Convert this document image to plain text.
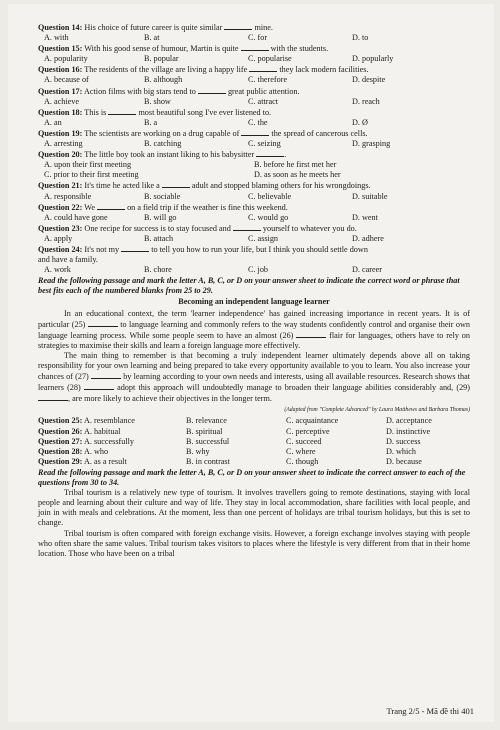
Question 14: His choice of future career is quite similar	mine.
A. with	B. at	C. for	D. to
Question 15: With his good sense of humour, Martin is quite	with the students.
A. popularity	B. popular	C. popularise	D. popularly
Question 16: The residents of the village are living a happy life	they lack modern facilities.
A. because of	B. although	C. therefore	D. despite
Question 17: Action films with big stars tend to	great public attention.
A. achieve	B. show	C. attract	D. reach
Question 18: This is	most beautiful song I've ever listened to.
A. an	B. a	C. the	D. Ø
Question 19: The scientists are working on a drug capable of	the spread of cancerous cells.
A. arresting	B. catching	C. seizing	D. grasping
Question 20: The little boy took an instant liking to his babysitter	.
A. upon their first meeting	B. before he first met her
C. prior to their first meeting	D. as soon as he meets her
Question 21: It's time he acted like a	adult and stopped blaming others for his wrongdoings.
A. responsible	B. sociable	C. believable	D. suitable
Question 22: We	on a field trip if the weather is fine this weekend.
A. could have gone	B. will go	C. would go	D. went
Question 23: One recipe for success is to stay focused and	yourself to whatever you do.
A. apply	B. attach	C. assign	D. adhere
Question 24: It's not my	to tell you how to run your life, but I think you should settle down
and have a family.
A. work	B. chore	C. job	D. career
Read the following passage and mark the letter A, B, C, or D on your answer sheet to indicate the correct word or phrase that best fits each of the numbered blanks from 25 to 29.
Becoming an independent language learner

In an educational context, the term 'learner independence' has gained increasing importance in recent years. It is of particular (25)	to language learning and commonly refers to the way students confidently control and organise their own language learning process. While some people seem to have an almost (26)	flair for languages, others have to rely on strategies to maximise their skills and learn a foreign language more effectively.

The main thing to remember is that becoming a truly independent learner ultimately depends above all on taking responsibility for your own learning and being prepared to take every opportunity available to you to learn. You also increase your chances of (27)	by learning according to your own needs and interests, using all available resources. Research shows that learners (28)	adopt this approach will undoubtedly manage to broaden their language abilities considerably and, (29) , are more likely to achieve their objectives in the longer term.

(Adapted from "Complete Advanced" by Laura Matthews and Barbara Thomas)
Question 25: A. resemblance	B. relevance	C. acquaintance	D. acceptance
Question 26: A. habitual	B. spiritual	C. perceptive	D. instinctive
Question 27: A. successfully	B. successful	C. succeed	D. success
Question 28: A. who	B. why	C. where	D. which
Question 29: A. as a result	B. in contrast	C. though	D. because
Read the following passage and mark the letter A, B, C, or D on your answer sheet to indicate the correct answer to each of the questions from 30 to 34.

Tribal tourism is a relatively new type of tourism. It involves travellers going to remote destinations, staying with local people and learning about their culture and way of life. They stay in local accommodation, share facilities with local people, and join in with meals and celebrations. At the moment, less than one percent of holidays are tribal tourism holidays, but this is set to change.

Tribal tourism is often compared with foreign exchange visits. However, a foreign exchange involves staying with people who often share the same values. Tribal tourism takes visitors to places where the lifestyle is very different from that in their home location. Those who have been on a tribal

Trang 2/5 - Mã đề thi 401
